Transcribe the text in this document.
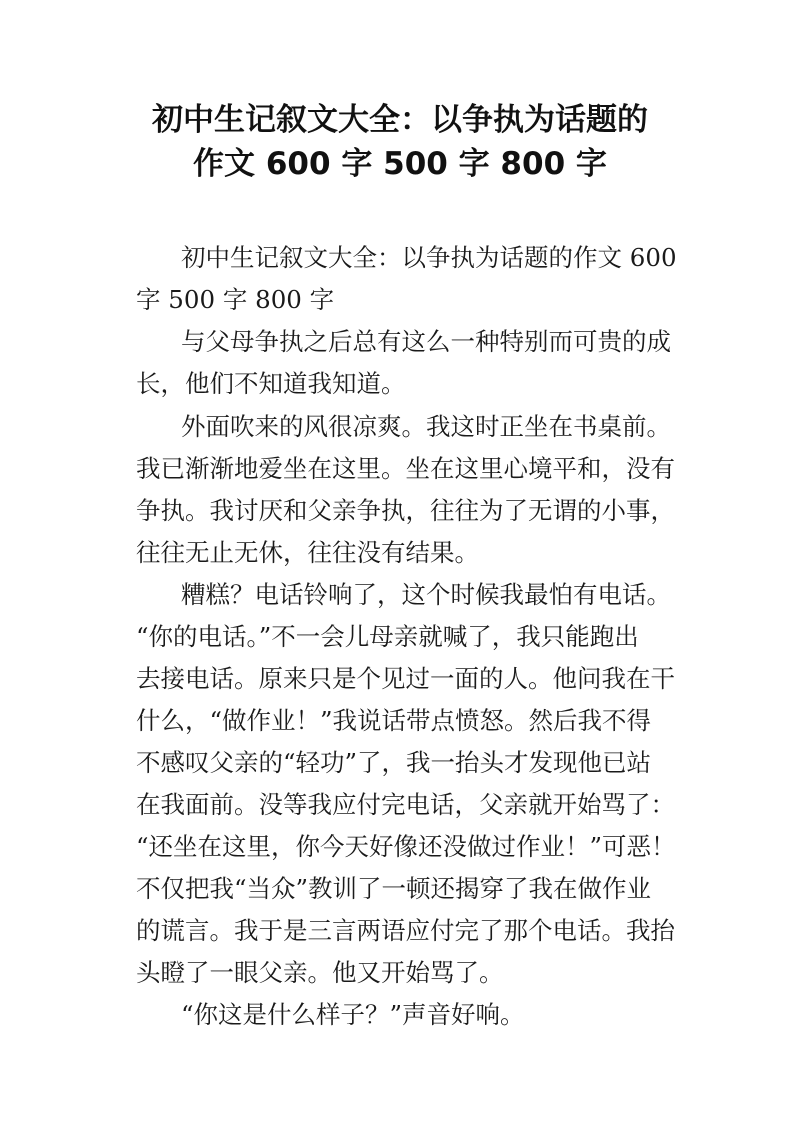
初中生记叙文大全：以争执为话题的
作文 600 字 500 字 800 字
初中生记叙文大全：以争执为话题的作文 600
字 500 字 800 字
与父母争执之后总有这么一种特别而可贵的成
长，他们不知道我知道。
外面吹来的风很凉爽。我这时正坐在书桌前。
我已渐渐地爱坐在这里。坐在这里心境平和，没有
争执。我讨厌和父亲争执，往往为了无谓的小事，
往往无止无休，往往没有结果。
糟糕？电话铃响了，这个时候我最怕有电话。
“你的电话。”不一会儿母亲就喊了，我只能跑出
去接电话。原来只是个见过一面的人。他问我在干
什么，“做作业！”我说话带点愤怒。然后我不得
不感叹父亲的“轻功”了，我一抬头才发现他已站
在我面前。没等我应付完电话，父亲就开始骂了：
“还坐在这里，你今天好像还没做过作业！”可恶！
不仅把我“当众”教训了一顿还揭穿了我在做作业
的谎言。我于是三言两语应付完了那个电话。我抬
头瞪了一眼父亲。他又开始骂了。
“你这是什么样子？”声音好响。
